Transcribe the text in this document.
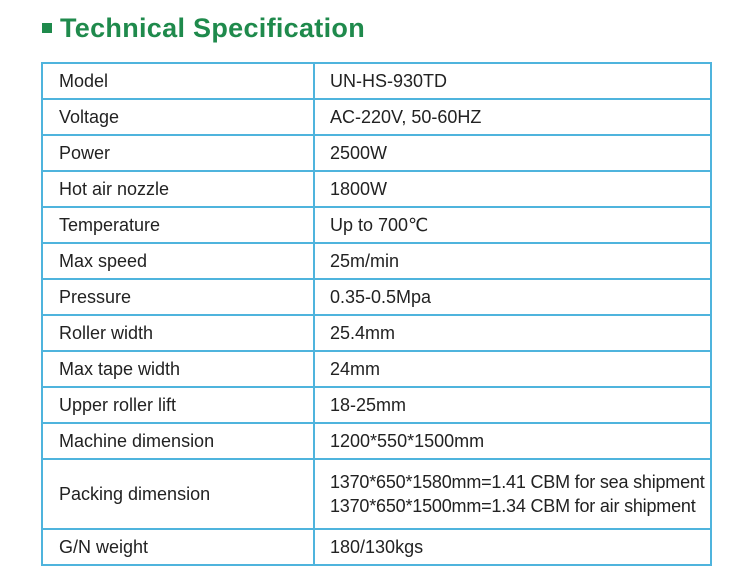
Technical Specification
Model	UN-HS-930TD
Voltage	AC-220V, 50-60HZ
Power	2500W
Hot air nozzle	1800W
Temperature	Up to 700℃
Max speed	25m/min
Pressure	0.35-0.5Mpa
Roller width	25.4mm
Max tape width	24mm
Upper roller lift	18-25mm
Machine dimension	1200*550*1500mm
Packing dimension	1370*650*1580mm=1.41 CBM for sea shipment
1370*650*1500mm=1.34 CBM for air shipment

G/N weight	180/130kgs
